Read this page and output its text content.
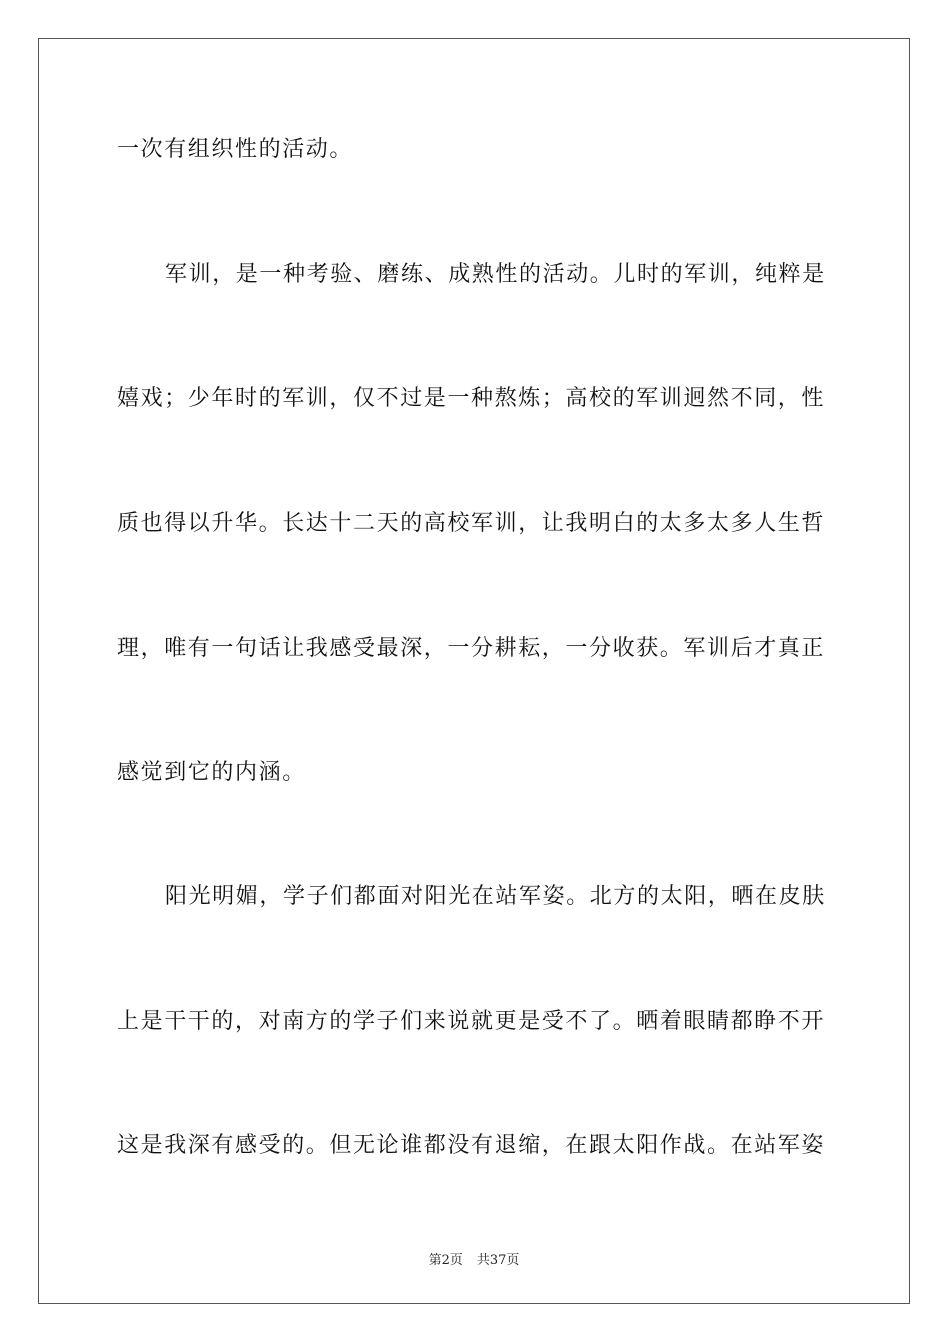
一次有组织性的活动。
军训，是一种考验、磨练、成熟性的活动。儿时的军训，纯粹是
嬉戏；少年时的军训，仅不过是一种熬炼；高校的军训迥然不同，性
质也得以升华。长达十二天的高校军训，让我明白的太多太多人生哲
理，唯有一句话让我感受最深，一分耕耘，一分收获。军训后才真正
感觉到它的内涵。
阳光明媚，学子们都面对阳光在站军姿。北方的太阳，晒在皮肤
上是干干的，对南方的学子们来说就更是受不了。晒着眼睛都睁不开
这是我深有感受的。但无论谁都没有退缩，在跟太阳作战。在站军姿
第2页 共37页
